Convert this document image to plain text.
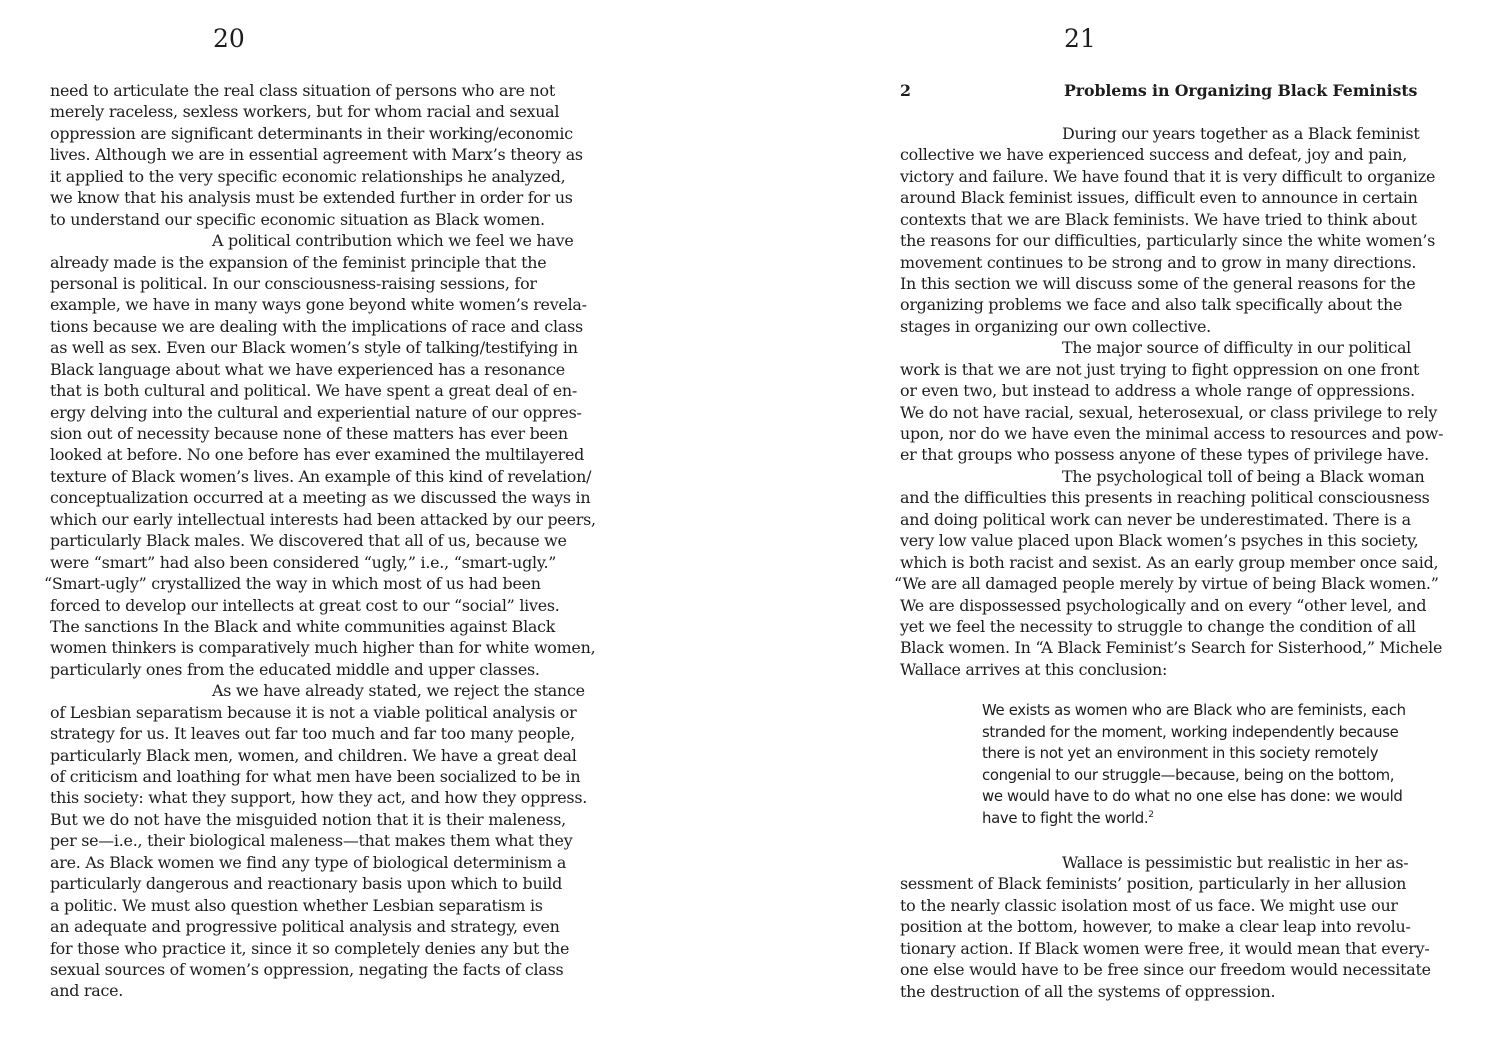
20
need to articulate the real class situation of persons who are not
merely raceless, sexless workers, but for whom racial and sexual
oppression are significant determinants in their working/economic
lives. Although we are in essential agreement with Marx’s theory as
it applied to the very specific economic relationships he analyzed,
we know that his analysis must be extended further in order for us
to understand our specific economic situation as Black women.
A political contribution which we feel we have
already made is the expansion of the feminist principle that the
personal is political. In our consciousness-raising sessions, for
example, we have in many ways gone beyond white women’s revela-
tions because we are dealing with the implications of race and class
as well as sex. Even our Black women’s style of talking/testifying in
Black language about what we have experienced has a resonance
that is both cultural and political. We have spent a great deal of en-
ergy delving into the cultural and experiential nature of our oppres-
sion out of necessity because none of these matters has ever been
looked at before. No one before has ever examined the multilayered
texture of Black women’s lives. An example of this kind of revelation/
conceptualization occurred at a meeting as we discussed the ways in
which our early intellectual interests had been attacked by our peers,
particularly Black males. We discovered that all of us, because we
were “smart” had also been considered “ugly,” i.e., “smart-ugly.”
“Smart-ugly” crystallized the way in which most of us had been
forced to develop our intellects at great cost to our “social” lives.
The sanctions In the Black and white communities against Black
women thinkers is comparatively much higher than for white women,
particularly ones from the educated middle and upper classes.
As we have already stated, we reject the stance
of Lesbian separatism because it is not a viable political analysis or
strategy for us. It leaves out far too much and far too many people,
particularly Black men, women, and children. We have a great deal
of criticism and loathing for what men have been socialized to be in
this society: what they support, how they act, and how they oppress.
But we do not have the misguided notion that it is their maleness,
per se—i.e., their biological maleness—that makes them what they
are. As Black women we find any type of biological determinism a
particularly dangerous and reactionary basis upon which to build
a politic. We must also question whether Lesbian separatism is
an adequate and progressive political analysis and strategy, even
for those who practice it, since it so completely denies any but the
sexual sources of women’s oppression, negating the facts of class
and race.
21
2	Problems in Organizing Black Feminists
During our years together as a Black feminist
collective we have experienced success and defeat, joy and pain,
victory and failure. We have found that it is very difficult to organize
around Black feminist issues, difficult even to announce in certain
contexts that we are Black feminists. We have tried to think about
the reasons for our difficulties, particularly since the white women’s
movement continues to be strong and to grow in many directions.
In this section we will discuss some of the general reasons for the
organizing problems we face and also talk specifically about the
stages in organizing our own collective.
The major source of difficulty in our political
work is that we are not just trying to fight oppression on one front
or even two, but instead to address a whole range of oppressions.
We do not have racial, sexual, heterosexual, or class privilege to rely
upon, nor do we have even the minimal access to resources and pow-
er that groups who possess anyone of these types of privilege have.
The psychological toll of being a Black woman
and the difficulties this presents in reaching political consciousness
and doing political work can never be underestimated. There is a
very low value placed upon Black women’s psyches in this society,
which is both racist and sexist. As an early group member once said,
“We are all damaged people merely by virtue of being Black women.”
We are dispossessed psychologically and on every “other level, and
yet we feel the necessity to struggle to change the condition of all
Black women. In “A Black Feminist’s Search for Sisterhood,” Michele
Wallace arrives at this conclusion:
We exists as women who are Black who are feminists, each
stranded for the moment, working independently because
there is not yet an environment in this society remotely
congenial to our struggle—because, being on the bottom,
we would have to do what no one else has done: we would
have to fight the world.$^2$
Wallace is pessimistic but realistic in her as-
sessment of Black feminists’ position, particularly in her allusion
to the nearly classic isolation most of us face. We might use our
position at the bottom, however, to make a clear leap into revolu-
tionary action. If Black women were free, it would mean that every-
one else would have to be free since our freedom would necessitate
the destruction of all the systems of oppression.
